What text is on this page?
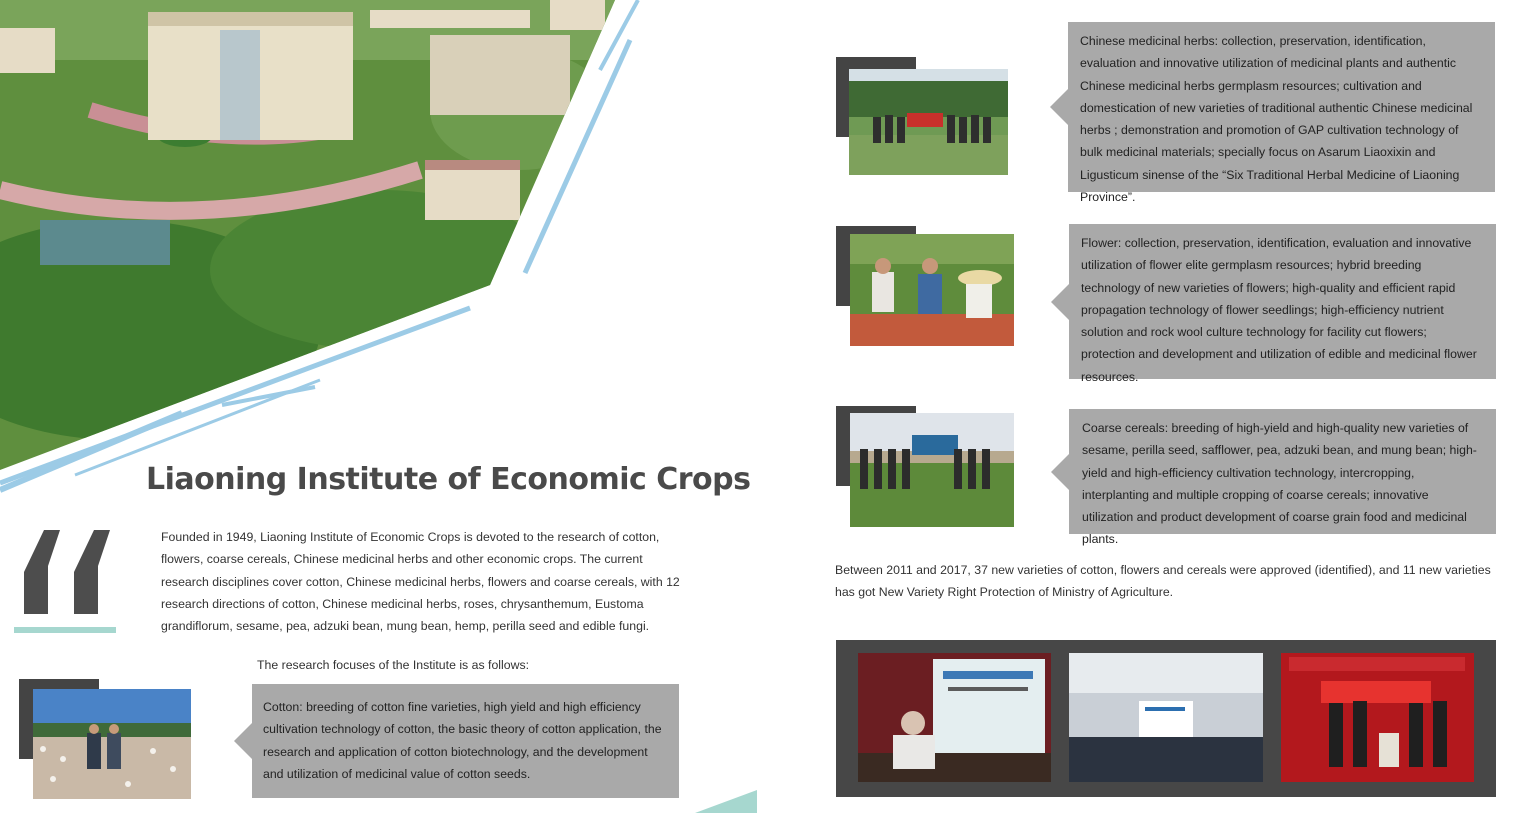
Liaoning Institute of Economic Crops
Founded in 1949, Liaoning Institute of Economic Crops is devoted to the research of cotton, flowers, coarse cereals, Chinese medicinal herbs and other economic crops. The current research disciplines cover cotton, Chinese medicinal herbs, flowers and coarse cereals, with 12 research directions of cotton, Chinese medicinal herbs, roses, chrysanthemum, Eustoma grandiflorum, sesame, pea, adzuki bean, mung bean, hemp, perilla seed and edible fungi.
The research focuses of the Institute is as follows:
Cotton: breeding of cotton fine varieties, high yield and high efficiency cultivation technology of cotton, the basic theory of cotton application, the research and application of cotton biotechnology, and the development and utilization of medicinal value of cotton seeds.
Chinese medicinal herbs: collection, preservation, identification, evaluation and innovative utilization of medicinal plants and authentic Chinese medicinal herbs germplasm resources; cultivation and domestication of new varieties of traditional authentic Chinese medicinal herbs ; demonstration and promotion of GAP cultivation technology of bulk medicinal materials; specially focus on Asarum Liaoxixin and Ligusticum sinense of the “Six Traditional Herbal Medicine of Liaoning Province”.
Flower: collection, preservation, identification, evaluation and innovative utilization of flower elite germplasm resources; hybrid breeding technology of new varieties of flowers; high-quality and efficient rapid propagation technology of flower seedlings; high-efficiency nutrient solution and rock wool culture technology for facility cut flowers; protection and development and utilization of edible and medicinal flower resources.
Coarse cereals: breeding of high-yield and high-quality new varieties of sesame, perilla seed, safflower, pea, adzuki bean, and mung bean; high-yield and high-efficiency cultivation technology, intercropping, interplanting and multiple cropping of coarse cereals; innovative utilization and product development of coarse grain food and medicinal plants.
Between 2011 and 2017, 37 new varieties of cotton, flowers and cereals were approved (identified), and 11 new varieties has got New Variety Right Protection of Ministry of Agriculture.
